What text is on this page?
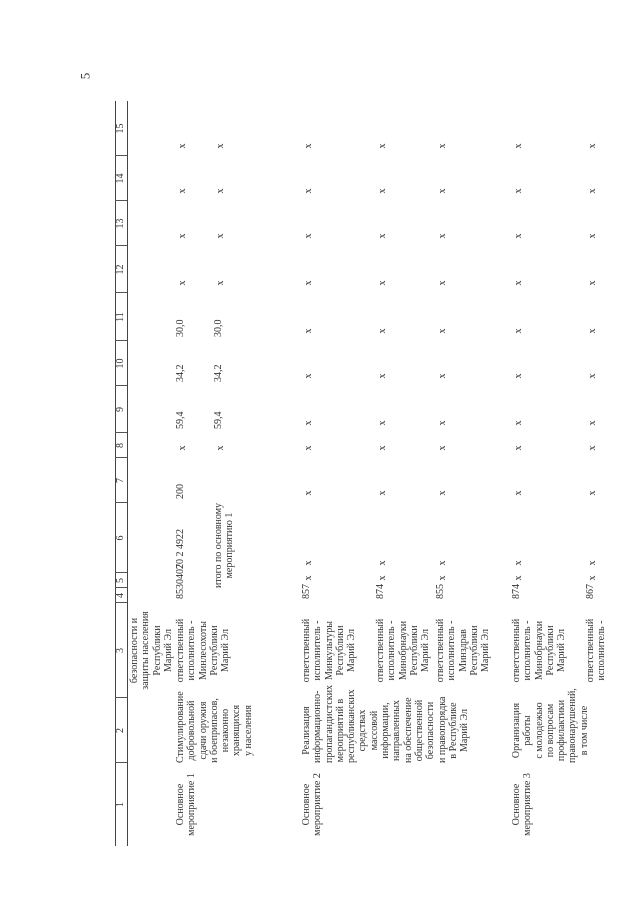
5
1
2
3
4
5
6
7
8
9
10
11
12
13
14
15
безопасности и защиты населения Республики Марий Эл
Основное мероприятие 1
Стимулирование добровольной сдачи оружия и боеприпасов, незаконно хранящихся у населения
ответственный исполнитель - Минлесохоты Республики Марий Эл
853
0407
20 2 4922
200
x
59,4
34,2
30,0
x
x
x
x
итого по основному мероприятию 1
x
59,4
34,2
30,0
x
x
x
x
Основное мероприятие 2
Реализация информационно- пропагандистских мероприятий в республиканских средствах массовой информации, направленных на обеспечение общественной безопасности и правопорядка в Республике Марий Эл
ответственный исполнитель - Минкультуры Республики Марий Эл
857
x
x
x
x
x
x
x
x
x
x
x
ответственный исполнитель - Минобрнауки Республики Марий Эл
874
x
x
x
x
x
x
x
x
x
x
x
ответственный исполнитель - Минздрав Республики Марий Эл
855
x
x
x
x
x
x
x
x
x
x
x
Основное мероприятие 3
Организация работы с молодежью по вопросам профилактики правонарушений, в том числе
ответственный исполнитель - Минобрнауки Республики Марий Эл
874
x
x
x
x
x
x
x
x
x
x
x
ответственный исполнитель -
867
x
x
x
x
x
x
x
x
x
x
x
